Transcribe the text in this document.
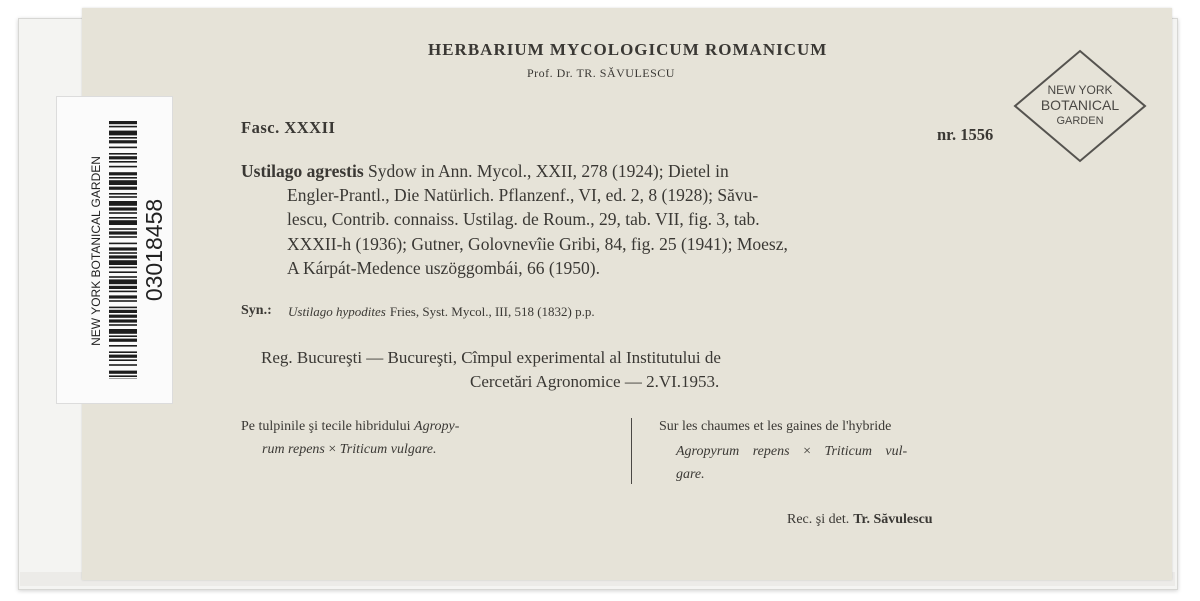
HERBARIUM MYCOLOGICUM ROMANICUM
Prof. Dr. TR. SĂVULESCU
Fasc. XXXII	nr. 1556
NEW YORK
BOTANICAL
GARDEN
Ustilago agrestis Sydow in Ann. Mycol., XXII, 278 (1924); Dietel in
Engler-Prantl., Die Natürlich. Pflanzenf., VI, ed. 2, 8 (1928); Săvu-
lescu, Contrib. connaiss. Ustilag. de Roum., 29, tab. VII, fig. 3, tab.
XXXII-h (1936); Gutner, Golovnevîie Gribi, 84, fig. 25 (1941); Moesz,
A Kárpát-Medence uszöggombái, 66 (1950).
Syn.: Ustilago hypodites Fries, Syst. Mycol., III, 518 (1832) p.p.
Reg. Bucureşti — Bucureşti, Cîmpul experimental al Institutului de
Cercetări Agronomice — 2.VI.1953.
Pe tulpinile şi tecile hibridului Agropy-
rum repens × Triticum vulgare.
Sur les chaumes et les gaines de l'hybride
Agropyrum repens × Triticum vul-
gare.
Rec. şi det. Tr. Săvulescu
NEW YORK BOTANICAL GARDEN 03018458
